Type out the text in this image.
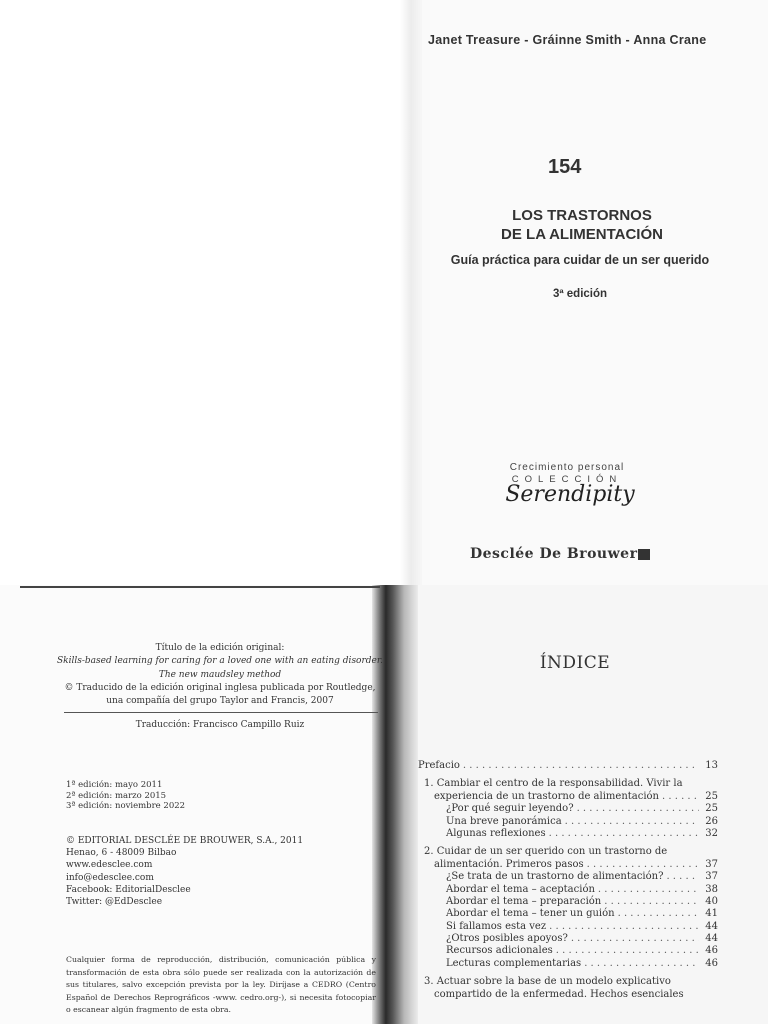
Janet Treasure - Gráinne Smith - Anna Crane
154
LOS TRASTORNOS
DE LA ALIMENTACIÓN
Guía práctica para cuidar de un ser querido
3ª edición
Crecimiento personal
COLECCIÓN
Serendipity
Desclée De Brouwer
Título de la edición original:
Skills-based learning for caring for a loved one with an eating disorder.
The new maudsley method
© Traducido de la edición original inglesa publicada por Routledge,
una compañía del grupo Taylor and Francis, 2007
Traducción: Francisco Campillo Ruiz
1ª edición: mayo 2011
2ª edición: marzo 2015
3ª edición: noviembre 2022
© EDITORIAL DESCLÉE DE BROUWER, S.A., 2011
Henao, 6 - 48009 Bilbao
www.edesclee.com
info@edesclee.com
Facebook: EditorialDesclee
Twitter: @EdDesclee
Cualquier forma de reproducción, distribución, comunicación pública y transformación de esta obra sólo puede ser realizada con la autorización de sus titulares, salvo excepción prevista por la ley. Diríjase a CEDRO (Centro Español de Derechos Reprográficos -www. cedro.org-), si necesita fotocopiar o escanear algún fragmento de esta obra.
ÍNDICE
Prefacio . . .	13
1. Cambiar el centro de la responsabilidad. Vivir la
experiencia de un trastorno de alimentación . . .	25
¿Por qué seguir leyendo? . . .	25
Una breve panorámica . . .	26
Algunas reflexiones . . .	32
2. Cuidar de un ser querido con un trastorno de
alimentación. Primeros pasos . . .	37
¿Se trata de un trastorno de alimentación? . . .	37
Abordar el tema – aceptación . . .	38
Abordar el tema – preparación . . .	40
Abordar el tema – tener un guión . . .	41
Si fallamos esta vez . . .	44
¿Otros posibles apoyos? . . .	44
Recursos adicionales . . .	46
Lecturas complementarias . . .	46
3. Actuar sobre la base de un modelo explicativo
compartido de la enfermedad. Hechos esenciales
